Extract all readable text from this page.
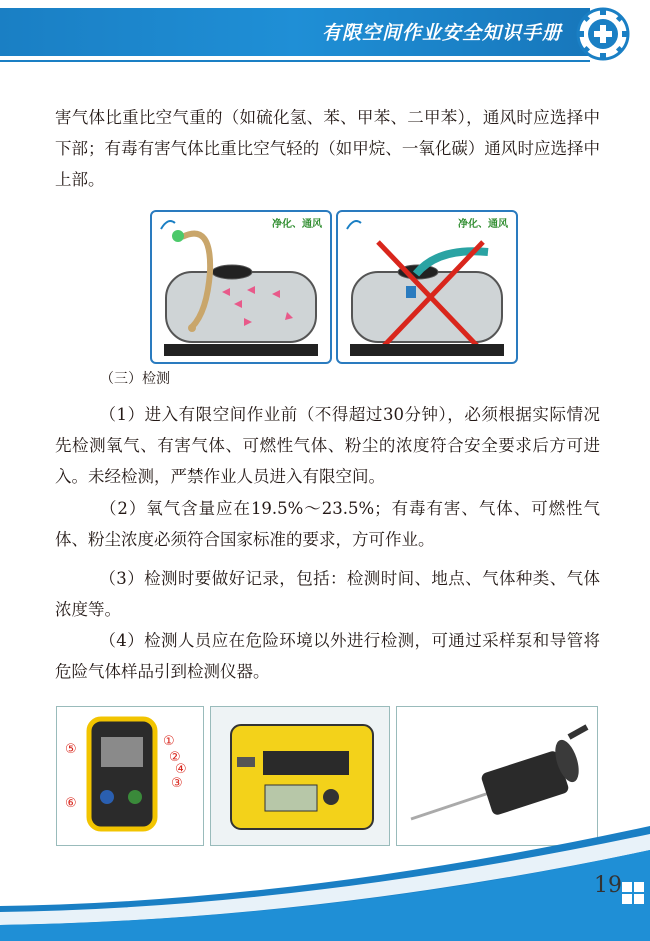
有限空间作业安全知识手册
害气体比重比空气重的（如硫化氢、苯、甲苯、二甲苯），通风时应选择中下部；有毒有害气体比重比空气轻的（如甲烷、一氧化碳）通风时应选择中上部。
净化、通风	净化、通风
（三）检测
（1）进入有限空间作业前（不得超过30分钟），必须根据实际情况先检测氧气、有害气体、可燃性气体、粉尘的浓度符合安全要求后方可进入。未经检测，严禁作业人员进入有限空间。
（2）氧气含量应在19.5%～23.5%；有毒有害、气体、可燃性气体、粉尘浓度必须符合国家标准的要求，方可作业。
（3）检测时要做好记录，包括：检测时间、地点、气体种类、气体浓度等。
（4）检测人员应在危险环境以外进行检测，可通过采样泵和导管将危险气体样品引到检测仪器。
⑤
①
②
③
⑥
④
19
